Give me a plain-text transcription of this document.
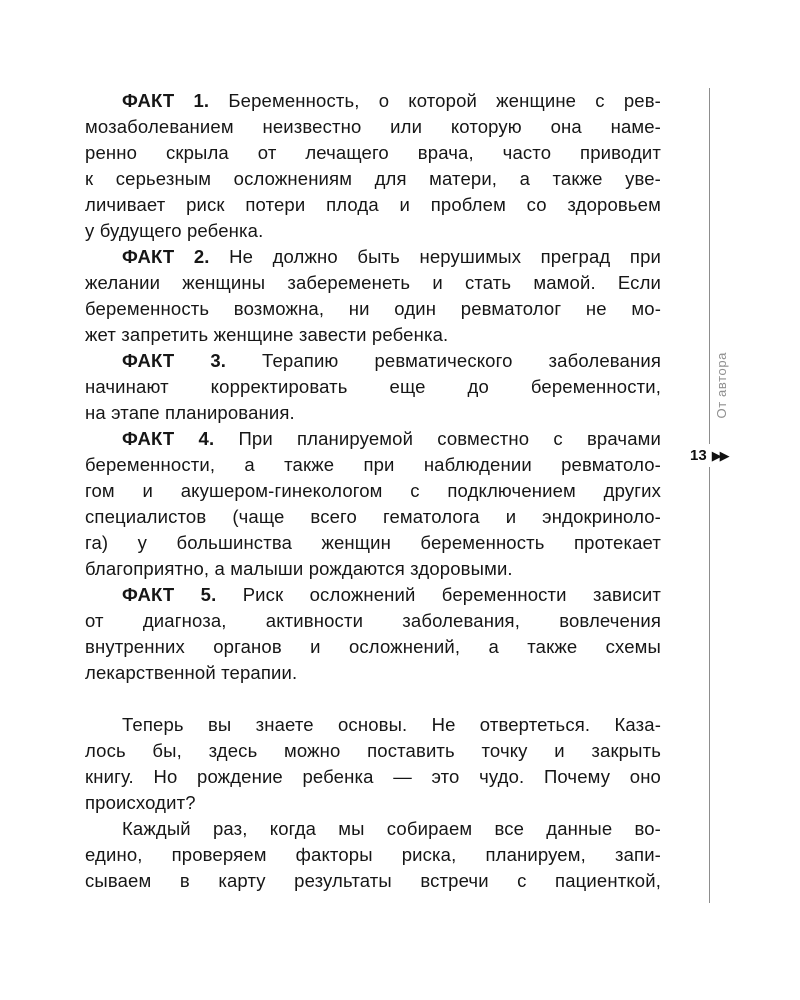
ФАКТ 1. Беременность, о которой женщине с рев-
мозаболеванием неизвестно или которую она наме-
ренно скрыла от лечащего врача, часто приводит
к серьезным осложнениям для матери, а также уве-
личивает риск потери плода и проблем со здоровьем
у будущего ребенка.

ФАКТ 2. Не должно быть нерушимых преград при
желании женщины забеременеть и стать мамой. Если
беременность возможна, ни один ревматолог не мо-
жет запретить женщине завести ребенка.

ФАКТ 3. Терапию ревматического заболевания
начинают корректировать еще до беременности,
на этапе планирования.

ФАКТ 4. При планируемой совместно с врачами
беременности, а также при наблюдении ревматоло-
гом и акушером-гинекологом с подключением других
специалистов (чаще всего гематолога и эндокриноло-
га) у большинства женщин беременность протекает
благоприятно, а малыши рождаются здоровыми.

ФАКТ 5. Риск осложнений беременности зависит
от диагноза, активности заболевания, вовлечения
внутренних органов и осложнений, а также схемы
лекарственной терапии.

Теперь вы знаете основы. Не отвертеться. Каза-
лось бы, здесь можно поставить точку и закрыть
книгу. Но рождение ребенка — это чудо. Почему оно
происходит?

Каждый раз, когда мы собираем все данные во-
едино, проверяем факторы риска, планируем, запи-
сываем в карту результаты встречи с пациенткой,

От автора
13 ▶▶
